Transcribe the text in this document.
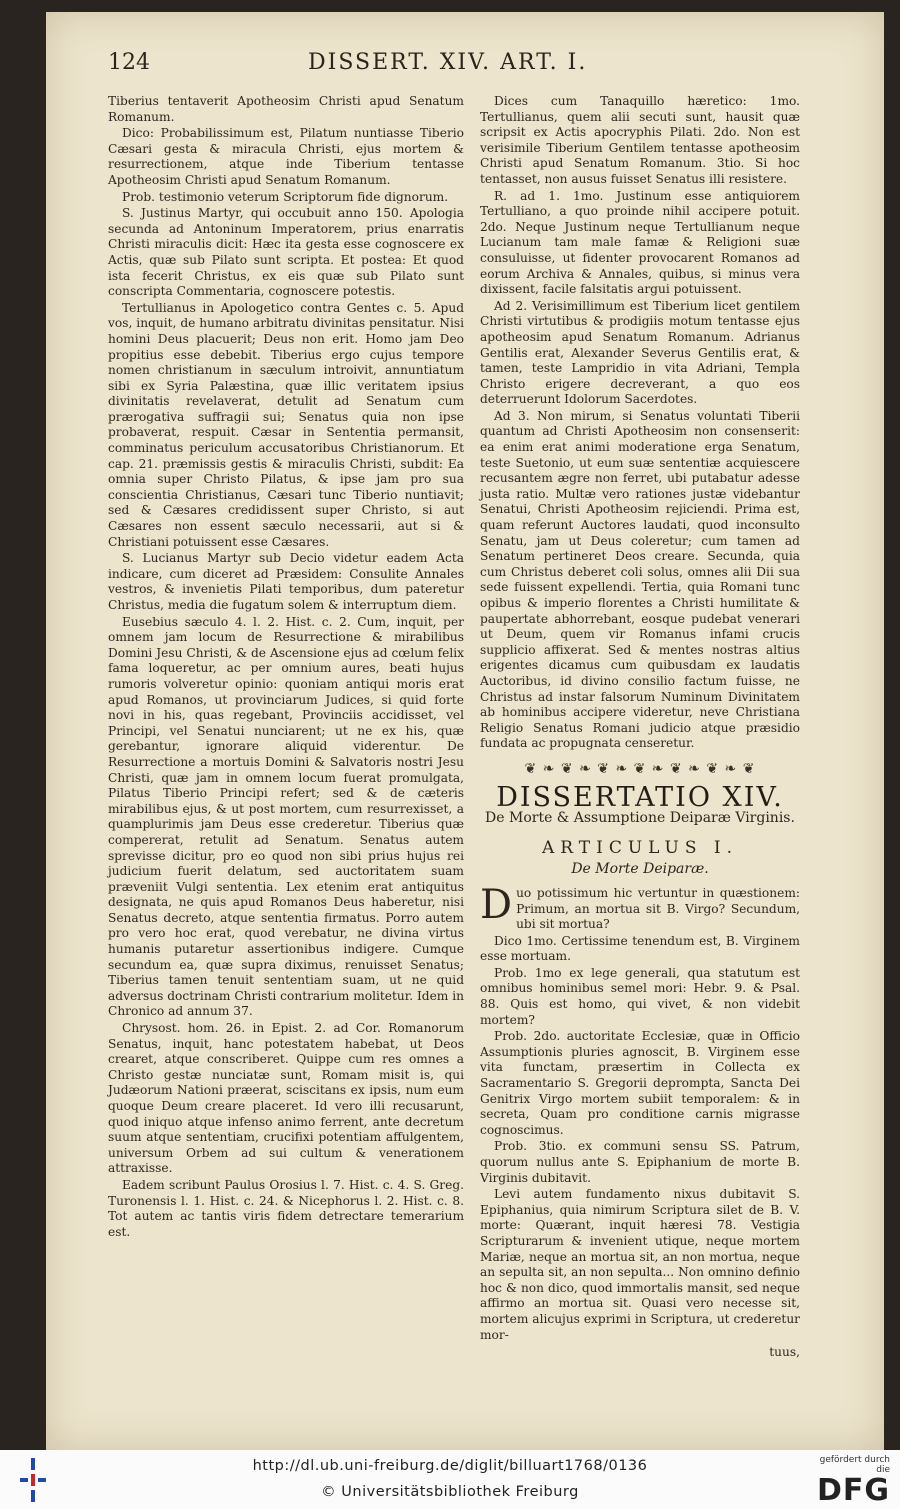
124	DISSERT. XIV. ART. I.

Tiberius tentaverit Apotheosim Christi apud Senatum Romanum.

Dico: Probabilissimum est, Pilatum nuntiasse Tiberio Cæsari gesta & miracula Christi, ejus mortem & resurrectionem, atque inde Tiberium tentasse Apotheosim Christi apud Senatum Romanum.

Prob. testimonio veterum Scriptorum fide dignorum.

S. Justinus Martyr, qui occubuit anno 150. Apologia secunda ad Antoninum Imperatorem, prius enarratis Christi miraculis dicit: Hæc ita gesta esse cognoscere ex Actis, quæ sub Pilato sunt scripta. Et postea: Et quod ista fecerit Christus, ex eis quæ sub Pilato sunt conscripta Commentaria, cognoscere potestis.

Tertullianus in Apologetico contra Gentes c. 5. Apud vos, inquit, de humano arbitratu divinitas pensitatur. Nisi homini Deus placuerit; Deus non erit. Homo jam Deo propitius esse debebit. Tiberius ergo cujus tempore nomen christianum in sæculum introivit, annuntiatum sibi ex Syria Palæstina, quæ illic veritatem ipsius divinitatis revelaverat, detulit ad Senatum cum prærogativa suffragii sui; Senatus quia non ipse probaverat, respuit. Cæsar in Sententia permansit, comminatus periculum accusatoribus Christianorum. Et cap. 21. præmissis gestis & miraculis Christi, subdit: Ea omnia super Christo Pilatus, & ipse jam pro sua conscientia Christianus, Cæsari tunc Tiberio nuntiavit; sed & Cæsares credidissent super Christo, si aut Cæsares non essent sæculo necessarii, aut si & Christiani potuissent esse Cæsares.

S. Lucianus Martyr sub Decio videtur eadem Acta indicare, cum diceret ad Præsidem: Consulite Annales vestros, & invenietis Pilati temporibus, dum pateretur Christus, media die fugatum solem & interruptum diem.

Eusebius sæculo 4. l. 2. Hist. c. 2. Cum, inquit, per omnem jam locum de Resurrectione & mirabilibus Domini Jesu Christi, & de Ascensione ejus ad cœlum felix fama loqueretur, ac per omnium aures, beati hujus rumoris volveretur opinio: quoniam antiqui moris erat apud Romanos, ut provinciarum Judices, si quid forte novi in his, quas regebant, Provinciis accidisset, vel Principi, vel Senatui nunciarent; ut ne ex his, quæ gerebantur, ignorare aliquid viderentur. De Resurrectione a mortuis Domini & Salvatoris nostri Jesu Christi, quæ jam in omnem locum fuerat promulgata, Pilatus Tiberio Principi refert; sed & de cæteris mirabilibus ejus, & ut post mortem, cum resurrexisset, a quamplurimis jam Deus esse crederetur. Tiberius quæ compererat, retulit ad Senatum. Senatus autem sprevisse dicitur, pro eo quod non sibi prius hujus rei judicium fuerit delatum, sed auctoritatem suam præveniit Vulgi sententia. Lex etenim erat antiquitus designata, ne quis apud Romanos Deus haberetur, nisi Senatus decreto, atque sententia firmatus. Porro autem pro vero hoc erat, quod verebatur, ne divina virtus humanis putaretur assertionibus indigere. Cumque secundum ea, quæ supra diximus, renuisset Senatus; Tiberius tamen tenuit sententiam suam, ut ne quid adversus doctrinam Christi contrarium molitetur. Idem in Chronico ad annum 37.

Chrysost. hom. 26. in Epist. 2. ad Cor. Romanorum Senatus, inquit, hanc potestatem habebat, ut Deos crearet, atque conscriberet. Quippe cum res omnes a Christo gestæ nunciatæ sunt, Romam misit is, qui Judæorum Nationi præerat, sciscitans ex ipsis, num eum quoque Deum creare placeret. Id vero illi recusarunt, quod iniquo atque infenso animo ferrent, ante decretum suum atque sententiam, crucifixi potentiam affulgentem, universum Orbem ad sui cultum & venerationem attraxisse.

Eadem scribunt Paulus Orosius l. 7. Hist. c. 4. S. Greg. Turonensis l. 1. Hist. c. 24. & Nicephorus l. 2. Hist. c. 8. Tot autem ac tantis viris fidem detrectare temerarium est.

Dices cum Tanaquillo hæretico: 1mo. Tertullianus, quem alii secuti sunt, hausit quæ scripsit ex Actis apocryphis Pilati. 2do. Non est verisimile Tiberium Gentilem tentasse apotheosim Christi apud Senatum Romanum. 3tio. Si hoc tentasset, non ausus fuisset Senatus illi resistere.

R. ad 1. 1mo. Justinum esse antiquiorem Tertulliano, a quo proinde nihil accipere potuit. 2do. Neque Justinum neque Tertullianum neque Lucianum tam male famæ & Religioni suæ consuluisse, ut fidenter provocarent Romanos ad eorum Archiva & Annales, quibus, si minus vera dixissent, facile falsitatis argui potuissent.

Ad 2. Verisimillimum est Tiberium licet gentilem Christi virtutibus & prodigiis motum tentasse ejus apotheosim apud Senatum Romanum. Adrianus Gentilis erat, Alexander Severus Gentilis erat, & tamen, teste Lampridio in vita Adriani, Templa Christo erigere decreverant, a quo eos deterruerunt Idolorum Sacerdotes.

Ad 3. Non mirum, si Senatus voluntati Tiberii quantum ad Christi Apotheosim non consenserit: ea enim erat animi moderatione erga Senatum, teste Suetonio, ut eum suæ sententiæ acquiescere recusantem ægre non ferret, ubi putabatur adesse justa ratio. Multæ vero rationes justæ videbantur Senatui, Christi Apotheosim rejiciendi. Prima est, quam referunt Auctores laudati, quod inconsulto Senatu, jam ut Deus coleretur; cum tamen ad Senatum pertineret Deos creare. Secunda, quia cum Christus deberet coli solus, omnes alii Dii sua sede fuissent expellendi. Tertia, quia Romani tunc opibus & imperio florentes a Christi humilitate & paupertate abhorrebant, eosque pudebat venerari ut Deum, quem vir Romanus infami crucis supplicio affixerat. Sed & mentes nostras altius erigentes dicamus cum quibusdam ex laudatis Auctoribus, id divino consilio factum fuisse, ne Christus ad instar falsorum Numinum Divinitatem ab hominibus accipere videretur, neve Christiana Religio Senatus Romani judicio atque præsidio fundata ac propugnata censeretur.

❦ ❧ ❦ ❧ ❦ ❧ ❦ ❧ ❦ ❧ ❦ ❧ ❦
DISSERTATIO XIV.
De Morte & Assumptione Deiparæ Virginis.
ARTICULUS I.
De Morte Deiparæ.

Duo potissimum hic vertuntur in quæstionem: Primum, an mortua sit B. Virgo? Secundum, ubi sit mortua?

Dico 1mo. Certissime tenendum est, B. Virginem esse mortuam.

Prob. 1mo ex lege generali, qua statutum est omnibus hominibus semel mori: Hebr. 9. & Psal. 88. Quis est homo, qui vivet, & non videbit mortem?

Prob. 2do. auctoritate Ecclesiæ, quæ in Officio Assumptionis pluries agnoscit, B. Virginem esse vita functam, præsertim in Collecta ex Sacramentario S. Gregorii deprompta, Sancta Dei Genitrix Virgo mortem subiit temporalem: & in secreta, Quam pro conditione carnis migrasse cognoscimus.

Prob. 3tio. ex communi sensu SS. Patrum, quorum nullus ante S. Epiphanium de morte B. Virginis dubitavit.

Levi autem fundamento nixus dubitavit S. Epiphanius, quia nimirum Scriptura silet de B. V. morte: Quærant, inquit hæresi 78. Vestigia Scripturarum & invenient utique, neque mortem Mariæ, neque an mortua sit, an non mortua, neque an sepulta sit, an non sepulta... Non omnino definio hoc & non dico, quod immortalis mansit, sed neque affirmo an mortua sit. Quasi vero necesse sit, mortem alicujus exprimi in Scriptura, ut crederetur mor-

tuus,
http://dl.ub.uni-freiburg.de/diglit/billuart1768/0136
© Universitätsbibliothek Freiburg
gefördert durch die
DFG
